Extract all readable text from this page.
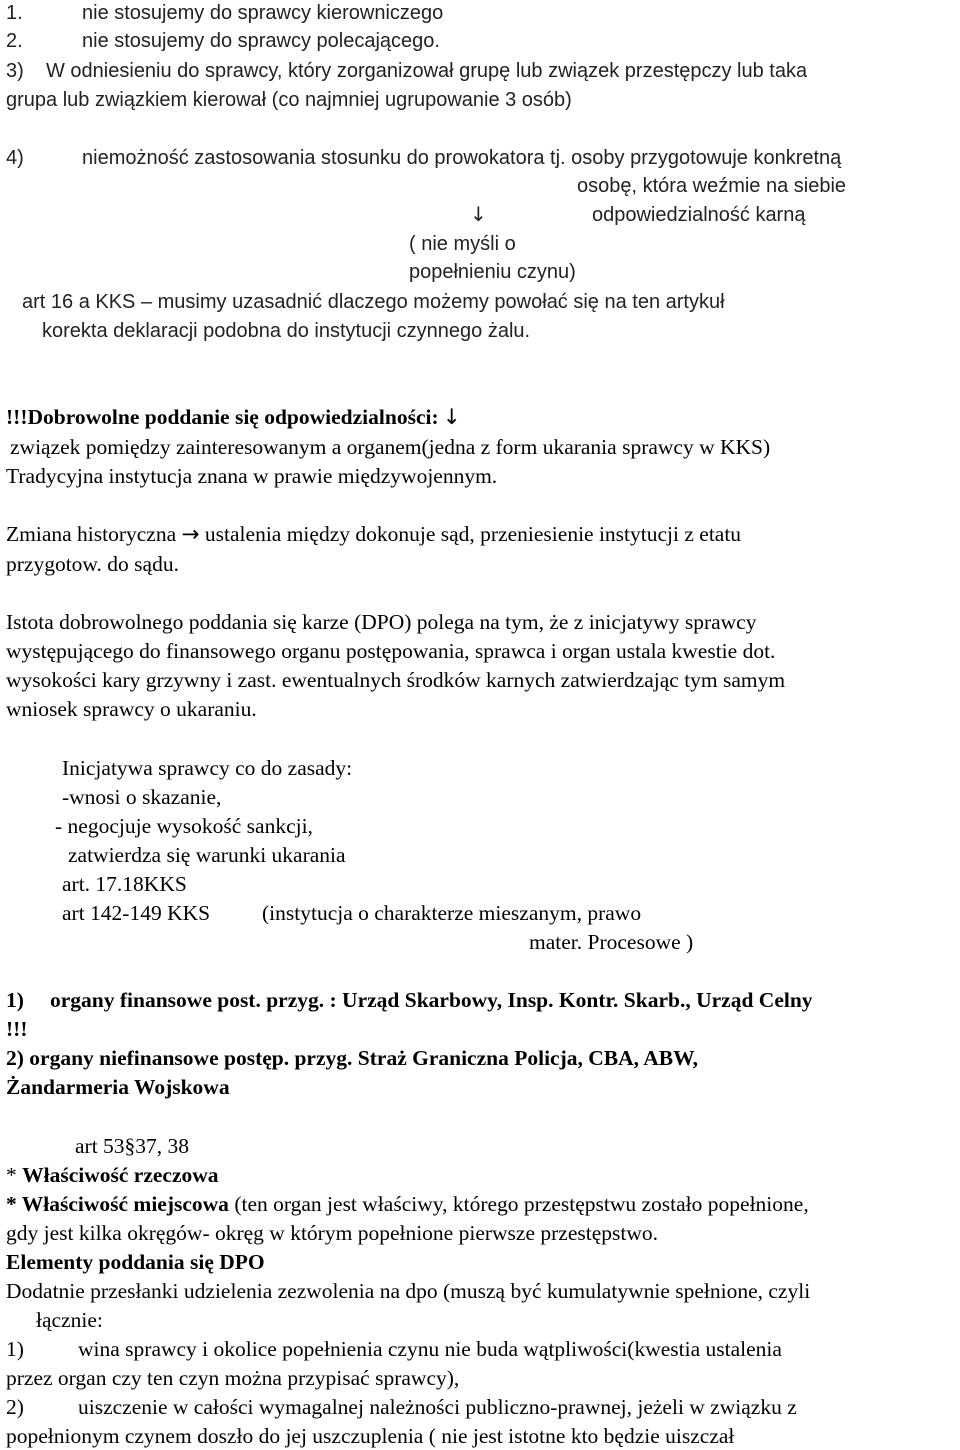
1.	nie stosujemy do sprawcy kierowniczego
2.	nie stosujemy do sprawcy polecającego.
3) W odniesieniu do sprawcy, który zorganizował grupę lub związek przestępczy lub taka
grupa lub związkiem kierował (co najmniej ugrupowanie 3 osób)
4)	niemożność zastosowania stosunku do prowokatora tj. osoby przygotowuje konkretną
osobę, która weźmie na siebie
↓	odpowiedzialność karną
( nie myśli o
popełnieniu czynu)
art 16 a KKS – musimy uzasadnić dlaczego możemy powołać się na ten artykuł
korekta deklaracji podobna do instytucji czynnego żalu.
!!!Dobrowolne poddanie się odpowiedzialności: ↓
związek pomiędzy zainteresowanym a organem(jedna z form ukarania sprawcy w KKS)
Tradycyjna instytucja znana w prawie międzywojennym.
Zmiana historyczna → ustalenia między dokonuje sąd, przeniesienie instytucji z etatu
przygotow. do sądu.
Istota dobrowolnego poddania się karze (DPO) polega na tym, że z inicjatywy sprawcy
występującego do finansowego organu postępowania, sprawca i organ ustala kwestie dot.
wysokości kary grzywny i zast. ewentualnych środków karnych zatwierdzając tym samym
wniosek sprawcy o ukaraniu.
Inicjatywa sprawcy co do zasady:
-wnosi o skazanie,
- negocjuje wysokość sankcji,
zatwierdza się warunki ukarania
art. 17.18KKS
art 142-149 KKS (instytucja o charakterze mieszanym, prawo
mater. Procesowe )
1) organy finansowe post. przyg. : Urząd Skarbowy, Insp. Kontr. Skarb., Urząd Celny
!!!
2) organy niefinansowe postęp. przyg. Straż Graniczna Policja, CBA, ABW,
Żandarmeria Wojskowa
art 53§37, 38
* Właściwość rzeczowa
* Właściwość miejscowa (ten organ jest właściwy, którego przestępstwu zostało popełnione,
gdy jest kilka okręgów- okręg w którym popełnione pierwsze przestępstwo.
Elementy poddania się DPO
Dodatnie przesłanki udzielenia zezwolenia na dpo (muszą być kumulatywnie spełnione, czyli
łącznie:
1)	wina sprawcy i okolice popełnienia czynu nie buda wątpliwości(kwestia ustalenia
przez organ czy ten czyn można przypisać sprawcy),
2)	uiszczenie w całości wymagalnej należności publiczno-prawnej, jeżeli w związku z
popełnionym czynem doszło do jej uszczuplenia ( nie jest istotne kto będzie uiszczał
